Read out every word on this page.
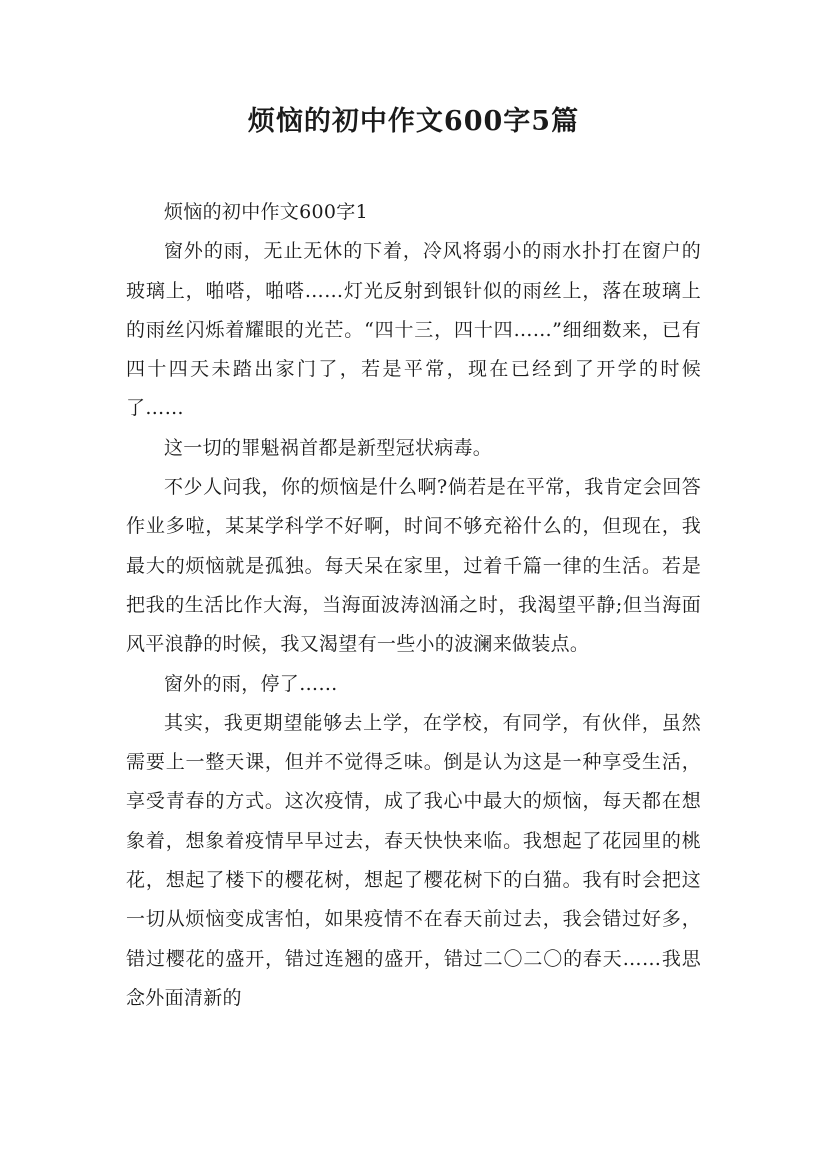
烦恼的初中作文600字5篇

烦恼的初中作文600字1

窗外的雨，无止无休的下着，冷风将弱小的雨水扑打在窗户的玻璃上，啪嗒，啪嗒……灯光反射到银针似的雨丝上，落在玻璃上的雨丝闪烁着耀眼的光芒。“四十三，四十四……”细细数来，已有四十四天未踏出家门了，若是平常，现在已经到了开学的时候了……

这一切的罪魁祸首都是新型冠状病毒。

不少人问我，你的烦恼是什么啊?倘若是在平常，我肯定会回答作业多啦，某某学科学不好啊，时间不够充裕什么的，但现在，我最大的烦恼就是孤独。每天呆在家里，过着千篇一律的生活。若是把我的生活比作大海，当海面波涛汹涌之时，我渴望平静;但当海面风平浪静的时候，我又渴望有一些小的波澜来做装点。

窗外的雨，停了……

其实，我更期望能够去上学，在学校，有同学，有伙伴，虽然需要上一整天课，但并不觉得乏味。倒是认为这是一种享受生活，享受青春的方式。这次疫情，成了我心中最大的烦恼，每天都在想象着，想象着疫情早早过去，春天快快来临。我想起了花园里的桃花，想起了楼下的樱花树，想起了樱花树下的白猫。我有时会把这一切从烦恼变成害怕，如果疫情不在春天前过去，我会错过好多，错过樱花的盛开，错过连翘的盛开，错过二〇二〇的春天……我思念外面清新的
